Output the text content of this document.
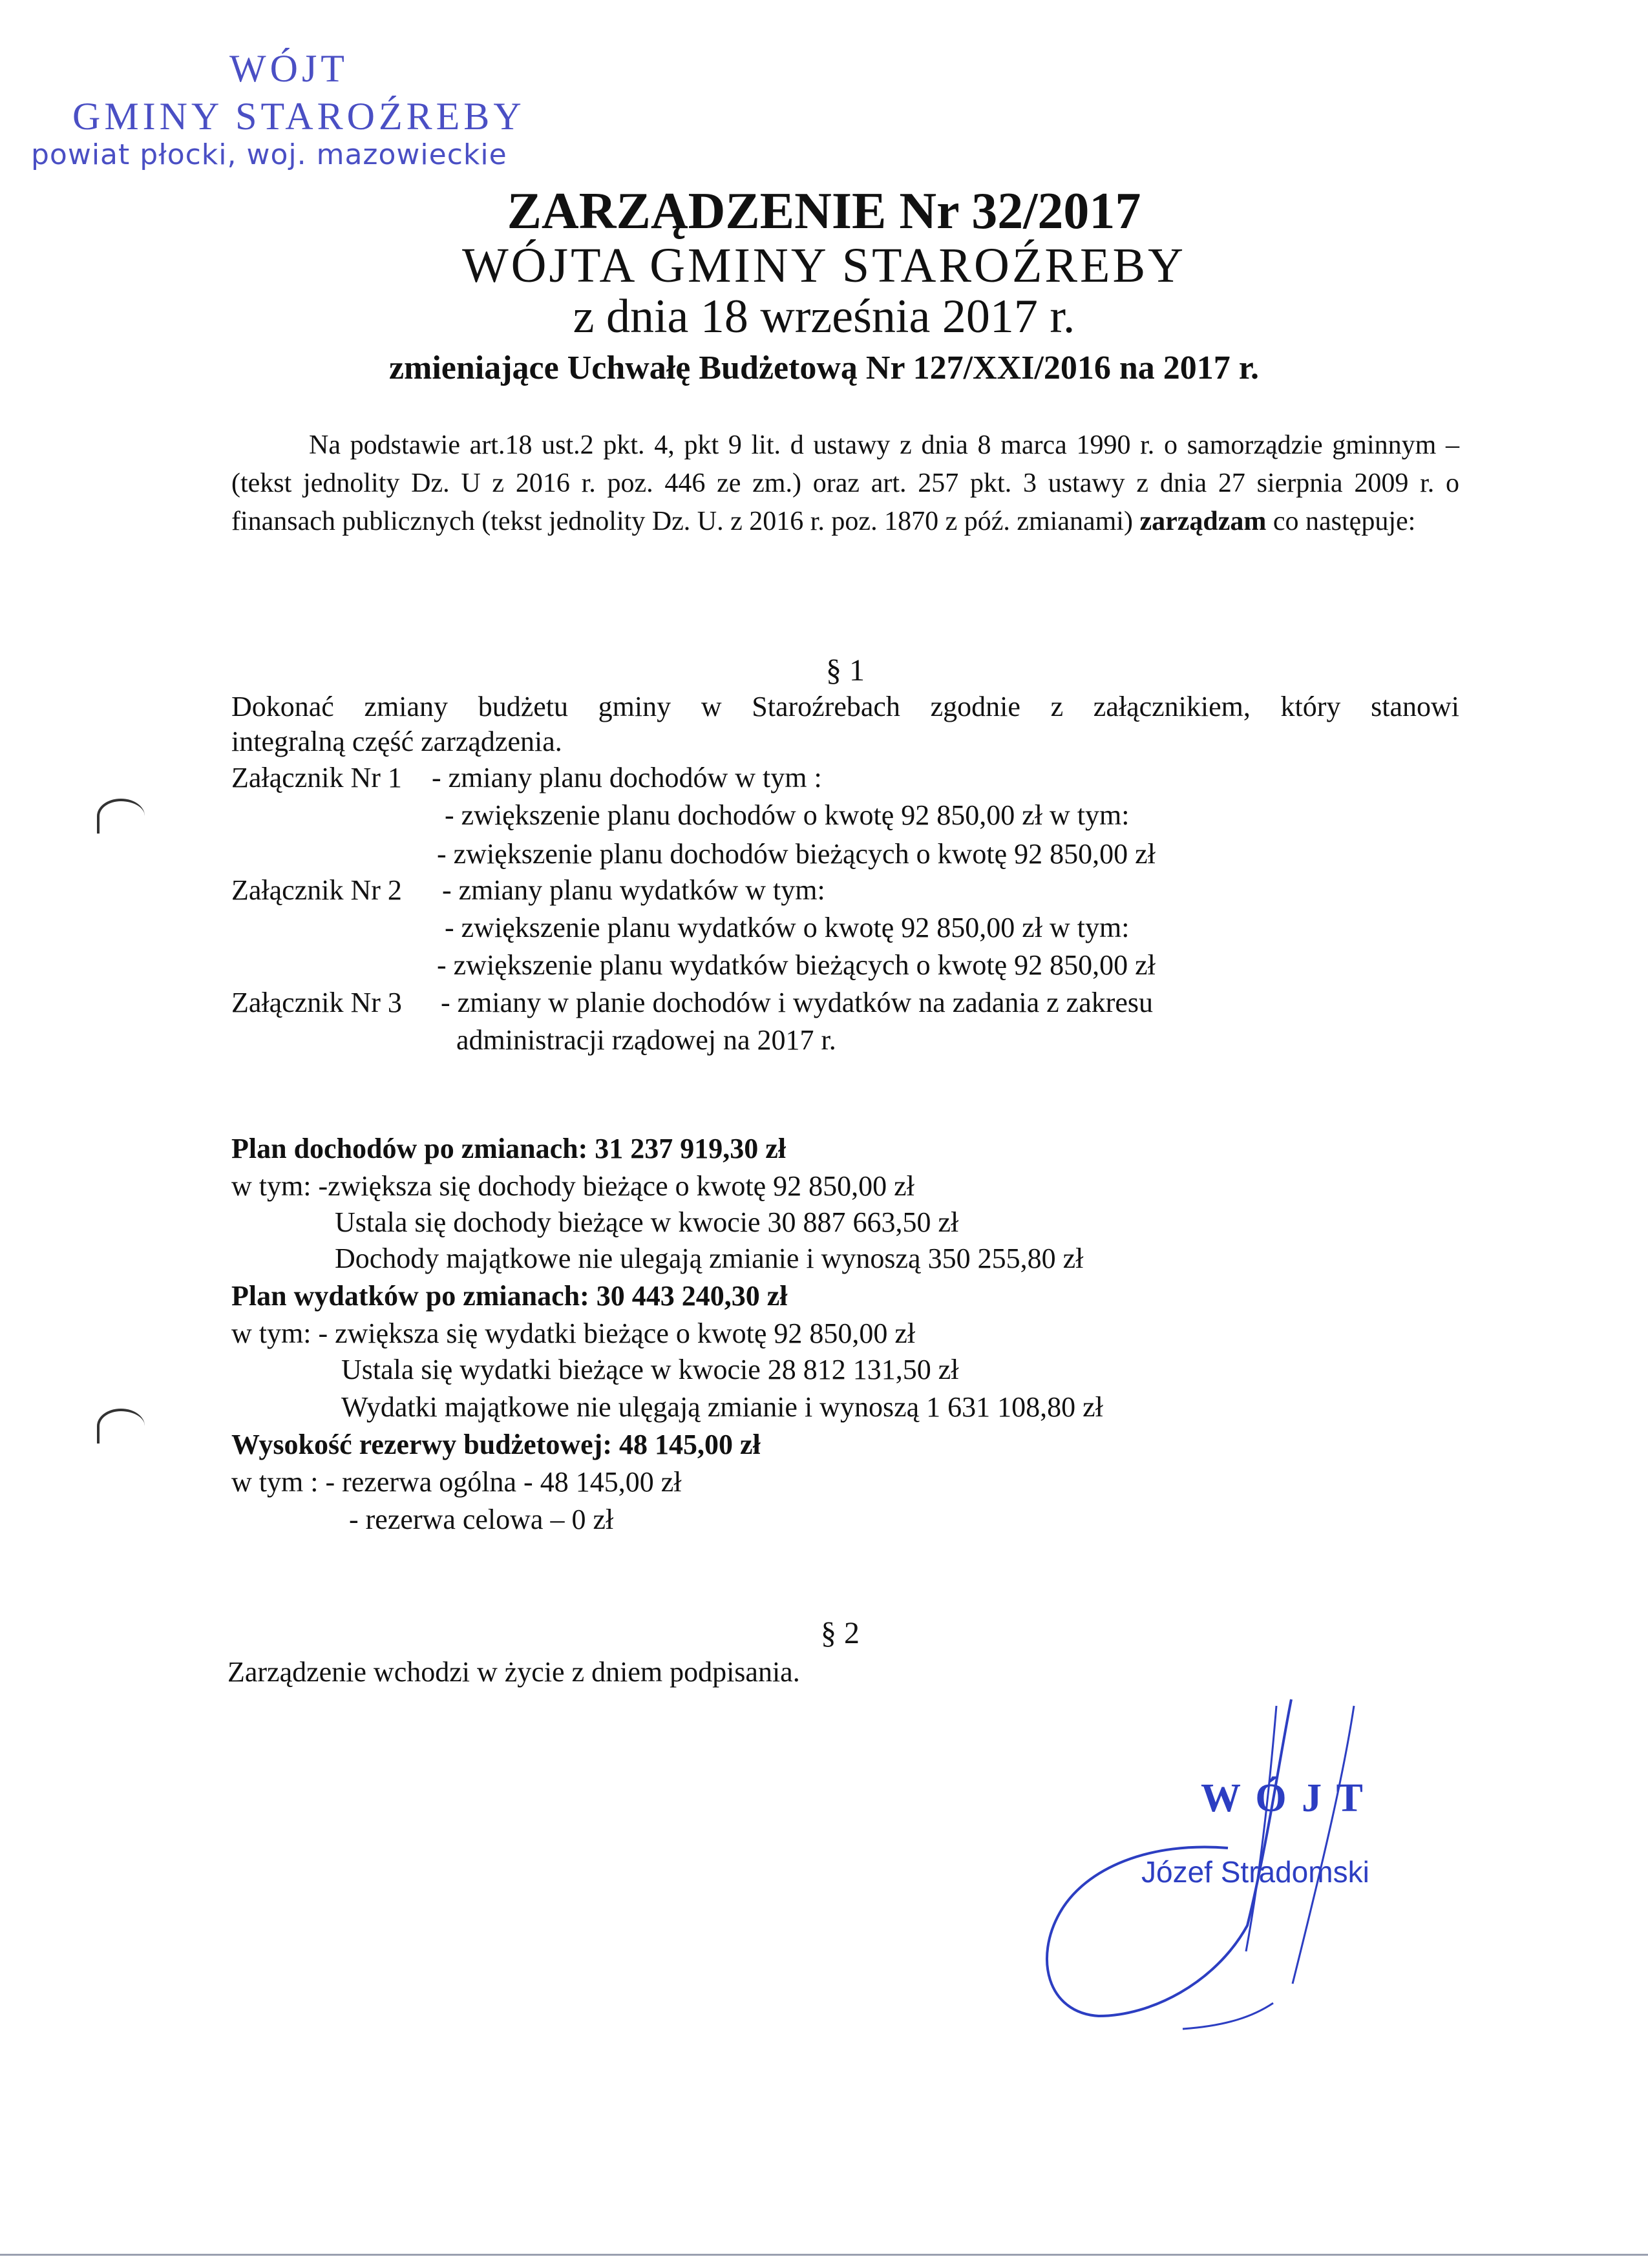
WÓJT
GMINY STAROŹREBY
powiat płocki, woj. mazowieckie
ZARZĄDZENIE Nr 32/2017
WÓJTA GMINY STAROŹREBY
z dnia 18 września 2017 r.
zmieniające Uchwałę Budżetową Nr 127/XXI/2016 na 2017 r.
Na podstawie art.18 ust.2 pkt. 4, pkt 9 lit. d ustawy z dnia 8 marca 1990 r. o samorządzie gminnym – (tekst jednolity Dz. U z 2016 r. poz. 446 ze zm.) oraz art. 257 pkt. 3 ustawy z dnia 27 sierpnia 2009 r. o finansach publicznych (tekst jednolity Dz. U. z 2016 r. poz. 1870 z póź. zmianami) zarządzam co następuje:
§ 1
Dokonać zmiany budżetu gminy w Staroźrebach zgodnie z załącznikiem, który stanowi
integralną część zarządzenia.
Załącznik Nr 1 - zmiany planu dochodów w tym :
- zwiększenie planu dochodów o kwotę 92 850,00 zł w tym:
- zwiększenie planu dochodów bieżących o kwotę 92 850,00 zł
Załącznik Nr 2 - zmiany planu wydatków w tym:
- zwiększenie planu wydatków o kwotę 92 850,00 zł w tym:
- zwiększenie planu wydatków bieżących o kwotę 92 850,00 zł
Załącznik Nr 3 - zmiany w planie dochodów i wydatków na zadania z zakresu
administracji rządowej na 2017 r.
Plan dochodów po zmianach: 31 237 919,30 zł
w tym: -zwiększa się dochody bieżące o kwotę 92 850,00 zł
Ustala się dochody bieżące w kwocie 30 887 663,50 zł
Dochody majątkowe nie ulegają zmianie i wynoszą 350 255,80 zł
Plan wydatków po zmianach: 30 443 240,30 zł
w tym: - zwiększa się wydatki bieżące o kwotę 92 850,00 zł
Ustala się wydatki bieżące w kwocie 28 812 131,50 zł
Wydatki majątkowe nie ulęgają zmianie i wynoszą 1 631 108,80 zł
Wysokość rezerwy budżetowej: 48 145,00 zł
w tym : - rezerwa ogólna - 48 145,00 zł
- rezerwa celowa – 0 zł
§ 2
Zarządzenie wchodzi w życie z dniem podpisania.
W Ó J T
Józef Stradomski
